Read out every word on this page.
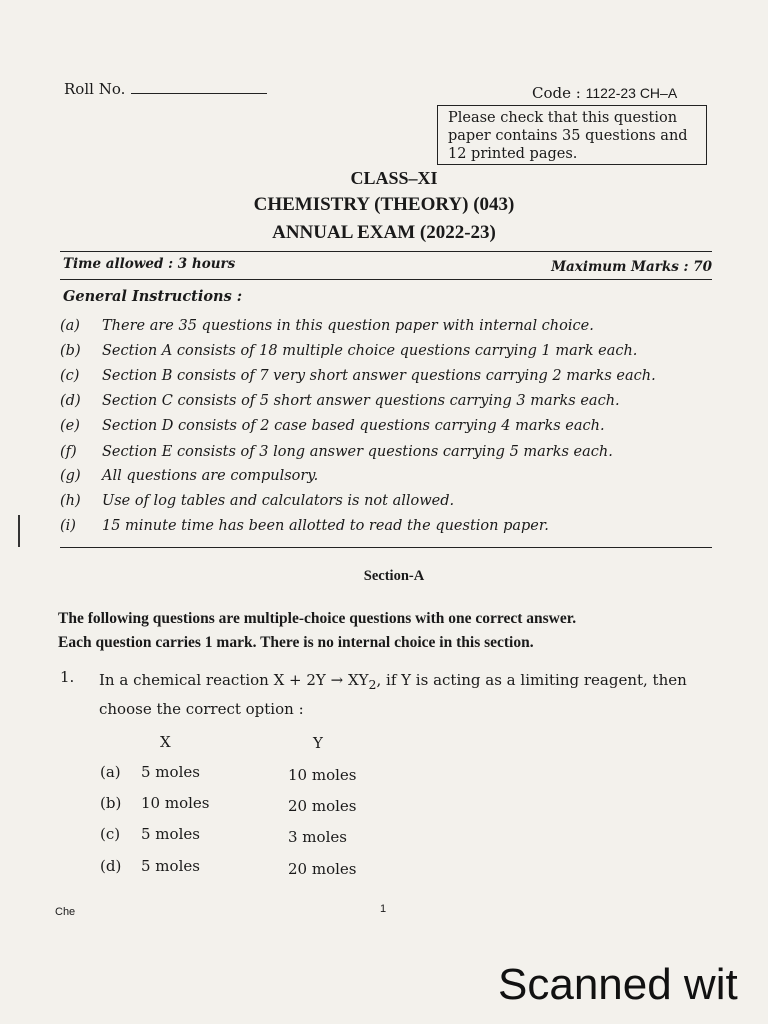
Roll No.	Code : 1122-23 CH–A
Please check that this question paper contains 35 questions and 12 printed pages.
CLASS–XI
CHEMISTRY (THEORY) (043)
ANNUAL EXAM (2022-23)
Time allowed : 3 hours	Maximum Marks : 70
General Instructions :
(a) There are 35 questions in this question paper with internal choice.
(b) Section A consists of 18 multiple choice questions carrying 1 mark each.
(c) Section B consists of 7 very short answer questions carrying 2 marks each.
(d) Section C consists of 5 short answer questions carrying 3 marks each.
(e) Section D consists of 2 case based questions carrying 4 marks each.
(f) Section E consists of 3 long answer questions carrying 5 marks each.
(g) All questions are compulsory.
(h) Use of log tables and calculators is not allowed.
(i) 15 minute time has been allotted to read the question paper.
Section-A
The following questions are multiple-choice questions with one correct answer.
Each question carries 1 mark. There is no internal choice in this section.
1. In a chemical reaction $X + 2Y \to XY_2$, if Y is acting as a limiting reagent, then choose the correct option :
X	Y
(a) 5 moles	10 moles
(b) 10 moles	20 moles
(c) 5 moles	3 moles
(d) 5 moles	20 moles
Che	1
Scanned wit
